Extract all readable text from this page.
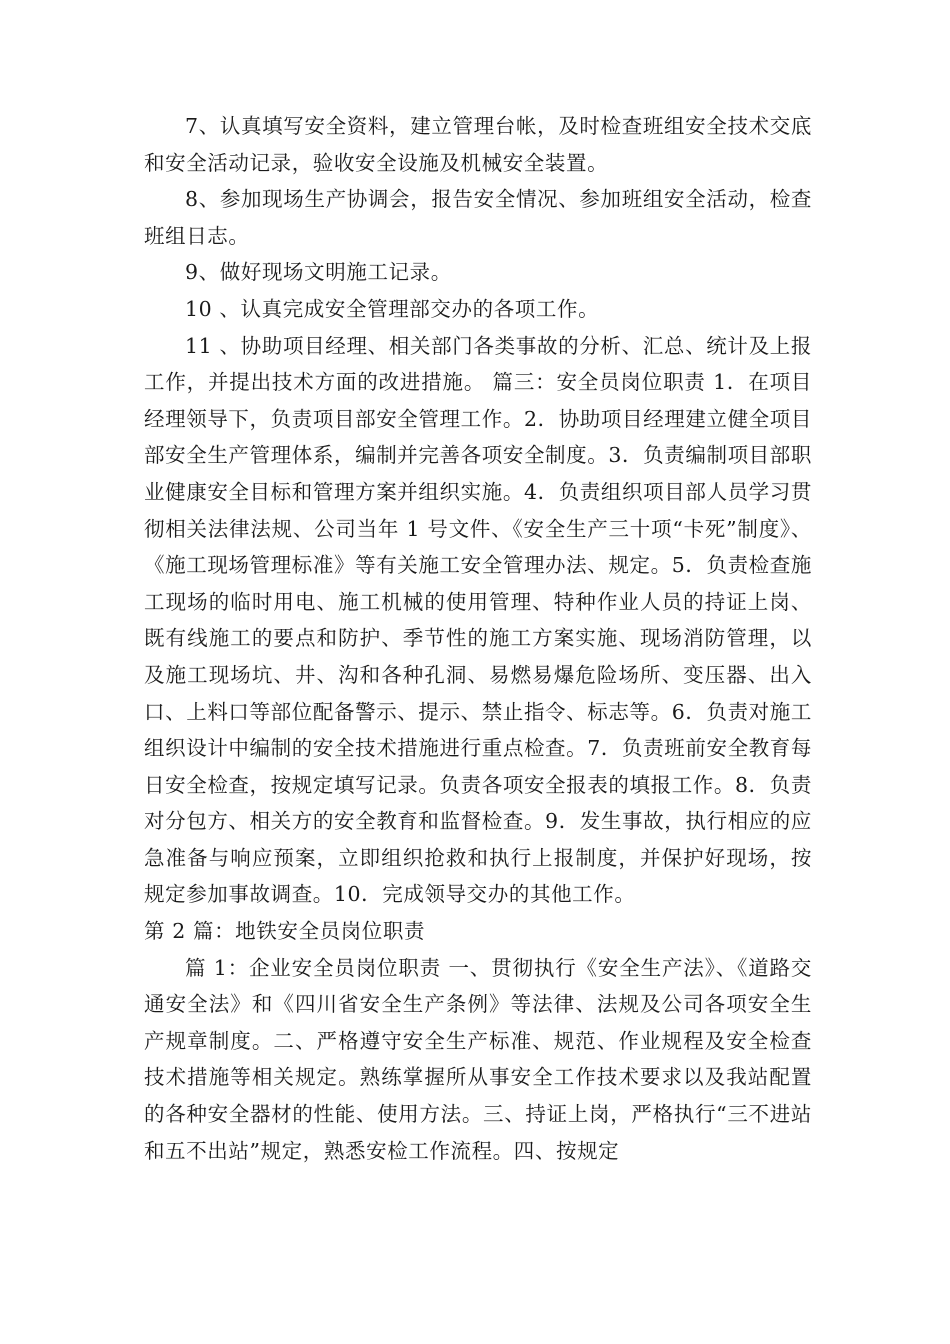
7、认真填写安全资料，建立管理台帐，及时检查班组安全技术交底和安全活动记录，验收安全设施及机械安全装置。

8、参加现场生产协调会，报告安全情况、参加班组安全活动，检查班组日志。

9、做好现场文明施工记录。

10 、认真完成安全管理部交办的各项工作。

11 、协助项目经理、相关部门各类事故的分析、汇总、统计及上报工作，并提出技术方面的改进措施。 篇三：安全员岗位职责 1．在项目经理领导下，负责项目部安全管理工作。2．协助项目经理建立健全项目部安全生产管理体系，编制并完善各项安全制度。3．负责编制项目部职业健康安全目标和管理方案并组织实施。4．负责组织项目部人员学习贯彻相关法律法规、公司当年 1 号文件、《安全生产三十项“卡死”制度》、《施工现场管理标准》等有关施工安全管理办法、规定。5．负责检查施工现场的临时用电、施工机械的使用管理、特种作业人员的持证上岗、既有线施工的要点和防护、季节性的施工方案实施、现场消防管理，以及施工现场坑、井、沟和各种孔洞、易燃易爆危险场所、变压器、出入口、上料口等部位配备警示、提示、禁止指令、标志等。6．负责对施工组织设计中编制的安全技术措施进行重点检查。7．负责班前安全教育每日安全检查，按规定填写记录。负责各项安全报表的填报工作。8．负责对分包方、相关方的安全教育和监督检查。9．发生事故，执行相应的应急准备与响应预案，立即组织抢救和执行上报制度，并保护好现场，按规定参加事故调查。10．完成领导交办的其他工作。

第 2 篇：地铁安全员岗位职责

篇 1：企业安全员岗位职责 一、贯彻执行《安全生产法》、《道路交通安全法》和《四川省安全生产条例》等法律、法规及公司各项安全生产规章制度。二、严格遵守安全生产标准、规范、作业规程及安全检查技术措施等相关规定。熟练掌握所从事安全工作技术要求以及我站配置的各种安全器材的性能、使用方法。三、持证上岗，严格执行“三不进站和五不出站”规定，熟悉安检工作流程。四、按规定
